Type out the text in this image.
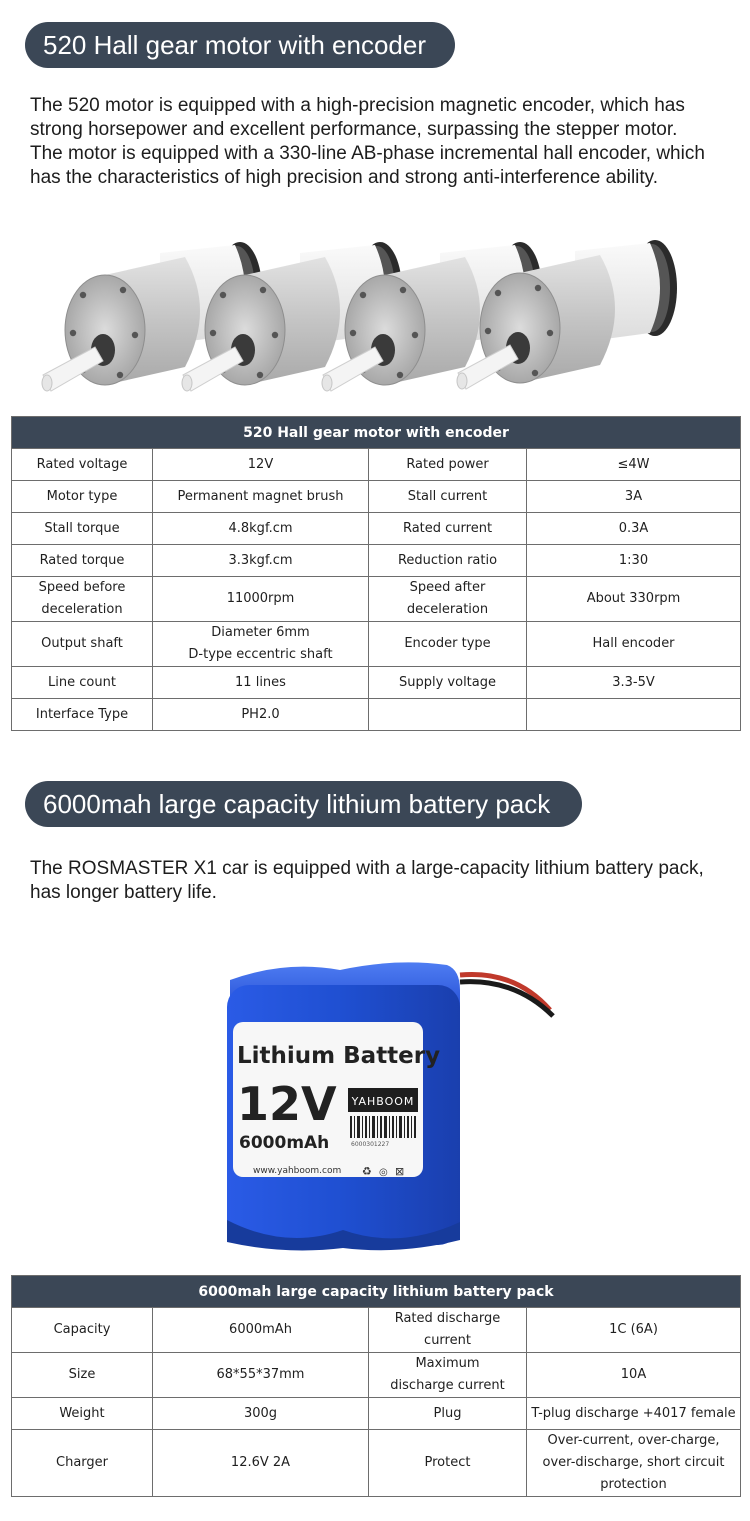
520 Hall gear motor with encoder

The 520 motor is equipped with a high-precision magnetic encoder, which has

strong horsepower and excellent performance, surpassing the stepper motor.

The motor is equipped with a 330-line AB-phase incremental hall encoder, which

has the characteristics of high precision and strong anti-interference ability.

520 Hall gear motor with encoder			
Rated voltage	12V	Rated power	≤4W
Motor type	Permanent magnet brush	Stall current	3A
Stall torque	4.8kgf.cm	Rated current	0.3A
Rated torque	3.3kgf.cm	Reduction ratio	1:30

Speed before
deceleration	11000rpm	Speed after deceleration	About 330rpm
Output shaft	Diameter 6mm
D-type eccentric shaft	Encoder type	Hall encoder
Line count	11 lines	Supply voltage	3.3-5V
Interface Type	PH2.0		
6000mah large capacity lithium battery pack

The ROSMASTER X1 car is equipped with a large-capacity lithium battery pack,

has longer battery life.

Lithium Battery
12V YAHBOOM
6000301227
6000mAh
www.yahboom.com ♻ ◎ ⊠
6000mah large capacity lithium battery pack			
Capacity	6000mAh	Rated discharge current	1C (6A)
Size	68*55*37mm	Maximum
discharge current	10A
Weight	300g	Plug	T-plug discharge +4017 female
Charger	12.6V 2A	Protect	Over-current, over-charge,
over-discharge, short circuit
protection
